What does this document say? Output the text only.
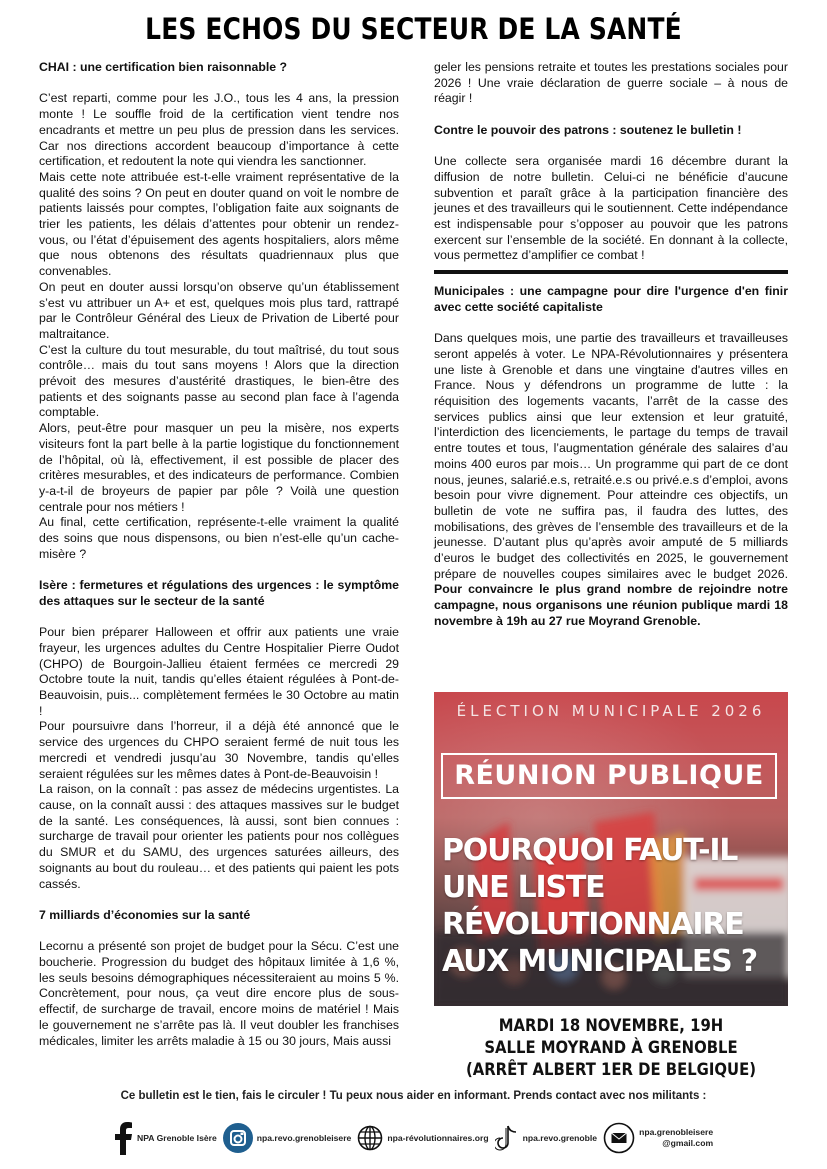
LES ECHOS DU SECTEUR DE LA SANTÉ
CHAI : une certification bien raisonnable ?

C’est reparti, comme pour les J.O., tous les 4 ans, la pression monte ! Le souffle froid de la certification vient tendre nos encadrants et mettre un peu plus de pression dans les services. Car nos directions accordent beaucoup d’importance à cette certification, et redoutent la note qui viendra les sanctionner.

Mais cette note attribuée est-t-elle vraiment représentative de la qualité des soins ? On peut en douter quand on voit le nombre de patients laissés pour comptes, l’obligation faite aux soignants de trier les patients, les délais d’attentes pour obtenir un rendez-vous, ou l’état d’épuisement des agents hospitaliers, alors même que nous obtenons des résultats quadriennaux plus que convenables.

On peut en douter aussi lorsqu’on observe qu’un établissement s’est vu attribuer un A+ et est, quelques mois plus tard, rattrapé par le Contrôleur Général des Lieux de Privation de Liberté pour maltraitance.

C’est la culture du tout mesurable, du tout maîtrisé, du tout sous contrôle… mais du tout sans moyens ! Alors que la direction prévoit des mesures d’austérité drastiques, le bien-être des patients et des soignants passe au second plan face à l’agenda comptable.

Alors, peut-être pour masquer un peu la misère, nos experts visiteurs font la part belle à la partie logistique du fonctionnement de l’hôpital, où là, effectivement, il est possible de placer des critères mesurables, et des indicateurs de performance. Combien y-a-t-il de broyeurs de papier par pôle ? Voilà une question centrale pour nos métiers !

Au final, cette certification, représente-t-elle vraiment la qualité des soins que nous dispensons, ou bien n’est-elle qu’un cache-misère ?

Isère : fermetures et régulations des urgences : le symptôme des attaques sur le secteur de la santé

Pour bien préparer Halloween et offrir aux patients une vraie frayeur, les urgences adultes du Centre Hospitalier Pierre Oudot (CHPO) de Bourgoin-Jallieu étaient fermées ce mercredi 29 Octobre toute la nuit, tandis qu’elles étaient régulées à Pont-de-Beauvoisin, puis... complètement fermées le 30 Octobre au matin !

Pour poursuivre dans l’horreur, il a déjà été annoncé que le service des urgences du CHPO seraient fermé de nuit tous les mercredi et vendredi jusqu’au 30 Novembre, tandis qu’elles seraient régulées sur les mêmes dates à Pont-de-Beauvoisin !

La raison, on la connaît : pas assez de médecins urgentistes. La cause, on la connaît aussi : des attaques massives sur le budget de la santé. Les conséquences, là aussi, sont bien connues : surcharge de travail pour orienter les patients pour nos collègues du SMUR et du SAMU, des urgences saturées ailleurs, des soignants au bout du rouleau… et des patients qui paient les pots cassés.

7 milliards d’économies sur la santé

Lecornu a présenté son projet de budget pour la Sécu. C’est une boucherie. Progression du budget des hôpitaux limitée à 1,6 %, les seuls besoins démographiques nécessiteraient au moins 5 %. Concrètement, pour nous, ça veut dire encore plus de sous-effectif, de surcharge de travail, encore moins de matériel ! Mais le gouvernement ne s’arrête pas là. Il veut doubler les franchises médicales, limiter les arrêts maladie à 15 ou 30 jours, Mais aussi

geler les pensions retraite et toutes les prestations sociales pour 2026 ! Une vraie déclaration de guerre sociale – à nous de réagir !

Contre le pouvoir des patrons : soutenez le bulletin !

Une collecte sera organisée mardi 16 décembre durant la diffusion de notre bulletin. Celui-ci ne bénéficie d’aucune subvention et paraît grâce à la participation financière des jeunes et des travailleurs qui le soutiennent. Cette indépendance est indispensable pour s’opposer au pouvoir que les patrons exercent sur l’ensemble de la société. En donnant à la collecte, vous permettez d’amplifier ce combat !

Municipales : une campagne pour dire l'urgence d'en finir avec cette société capitaliste

Dans quelques mois, une partie des travailleurs et travailleuses seront appelés à voter. Le NPA-Révolutionnaires y présentera une liste à Grenoble et dans une vingtaine d'autres villes en France. Nous y défendrons un programme de lutte : la réquisition des logements vacants, l’arrêt de la casse des services publics ainsi que leur extension et leur gratuité, l’interdiction des licenciements, le partage du temps de travail entre toutes et tous, l’augmentation générale des salaires d’au moins 400 euros par mois… Un programme qui part de ce dont nous, jeunes, salarié.e.s, retraité.e.s ou privé.e.s d’emploi, avons besoin pour vivre dignement. Pour atteindre ces objectifs, un bulletin de vote ne suffira pas, il faudra des luttes, des mobilisations, des grèves de l’ensemble des travailleurs et de la jeunesse. D’autant plus qu’après avoir amputé de 5 milliards d’euros le budget des collectivités en 2025, le gouvernement prépare de nouvelles coupes similaires avec le budget 2026. Pour convaincre le plus grand nombre de rejoindre notre campagne, nous organisons une réunion publique mardi 18 novembre à 19h au 27 rue Moyrand Grenoble.

ÉLECTION MUNICIPALE 2026
RÉUNION PUBLIQUE
POURQUOI FAUT-IL
UNE LISTE
RÉVOLUTIONNAIRE
AUX MUNICIPALES ?
MARDI 18 NOVEMBRE, 19H
SALLE MOYRAND À GRENOBLE
(ARRÊT ALBERT 1ER DE BELGIQUE)
Ce bulletin est le tien, fais le circuler ! Tu peux nous aider en informant. Prends contact avec nos militants :
NPA Grenoble Isère	npa.revo.grenobleisere	npa-révolutionnaires.org	npa.revo.grenoble
npa.grenobleisere
@gmail.com
